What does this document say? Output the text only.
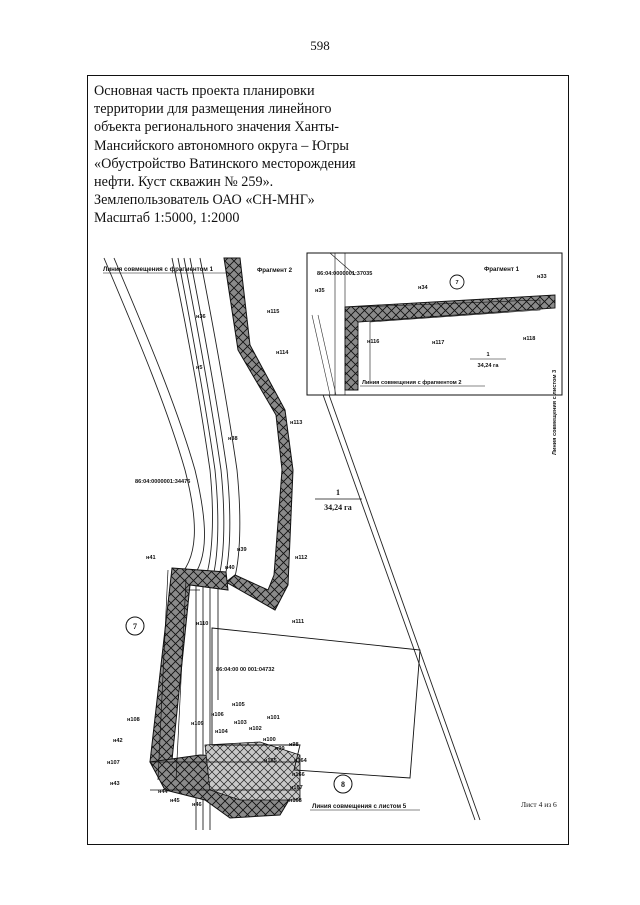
598
Основная часть проекта планировки
территории для размещения линейного
объекта регионального значения Ханты-
Мансийского автономного округа – Югры
«Обустройство Ватинского месторождения
нефти. Куст скважин № 259».
Землепользователь ОАО «СН-МНГ»
Масштаб 1:5000, 1:2000
7
8
7
Линия совмещения с фрагментом 1	Фрагмент 2
86:04:0000001:34476
86:04:00 00 001:04732
1
34,24 га
н36
н115
н5
н114
н38
н113
н39
н40
н112
н41
н111
н110
н105
н106
н103
н101
н108
н109
н104	н102
н100
н99
н98
н42
н165	н164
н107
н166
н43
н44
н167
н45
н46
н168
Линия совмещения с листом 5	Лист 4 из 6
86:04:0000001:37035
Фрагмент 1
н35	н34
н33
н116	н117
н118
1
34,24 га
Линия совмещения с фрагментом 2	Линия совмещения с листом 3
